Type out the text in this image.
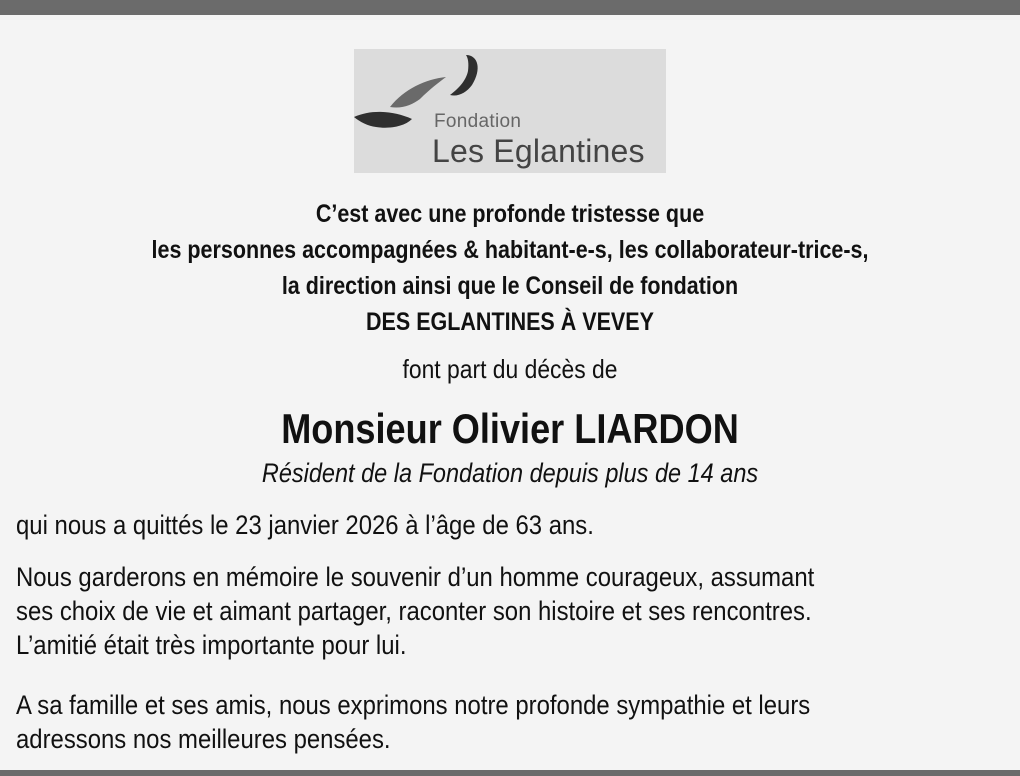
Fondation
Les Eglantines
C’est avec une profonde tristesse que
les personnes accompagnées & habitant-e-s, les collaborateur-trice-s,
la direction ainsi que le Conseil de fondation
DES EGLANTINES À VEVEY
font part du décès de
Monsieur Olivier LIARDON
Résident de la Fondation depuis plus de 14 ans
qui nous a quittés le 23 janvier 2026 à l’âge de 63 ans.
Nous garderons en mémoire le souvenir d’un homme courageux, assumant
ses choix de vie et aimant partager, raconter son histoire et ses rencontres.
L’amitié était très importante pour lui.
A sa famille et ses amis, nous exprimons notre profonde sympathie et leurs
adressons nos meilleures pensées.
